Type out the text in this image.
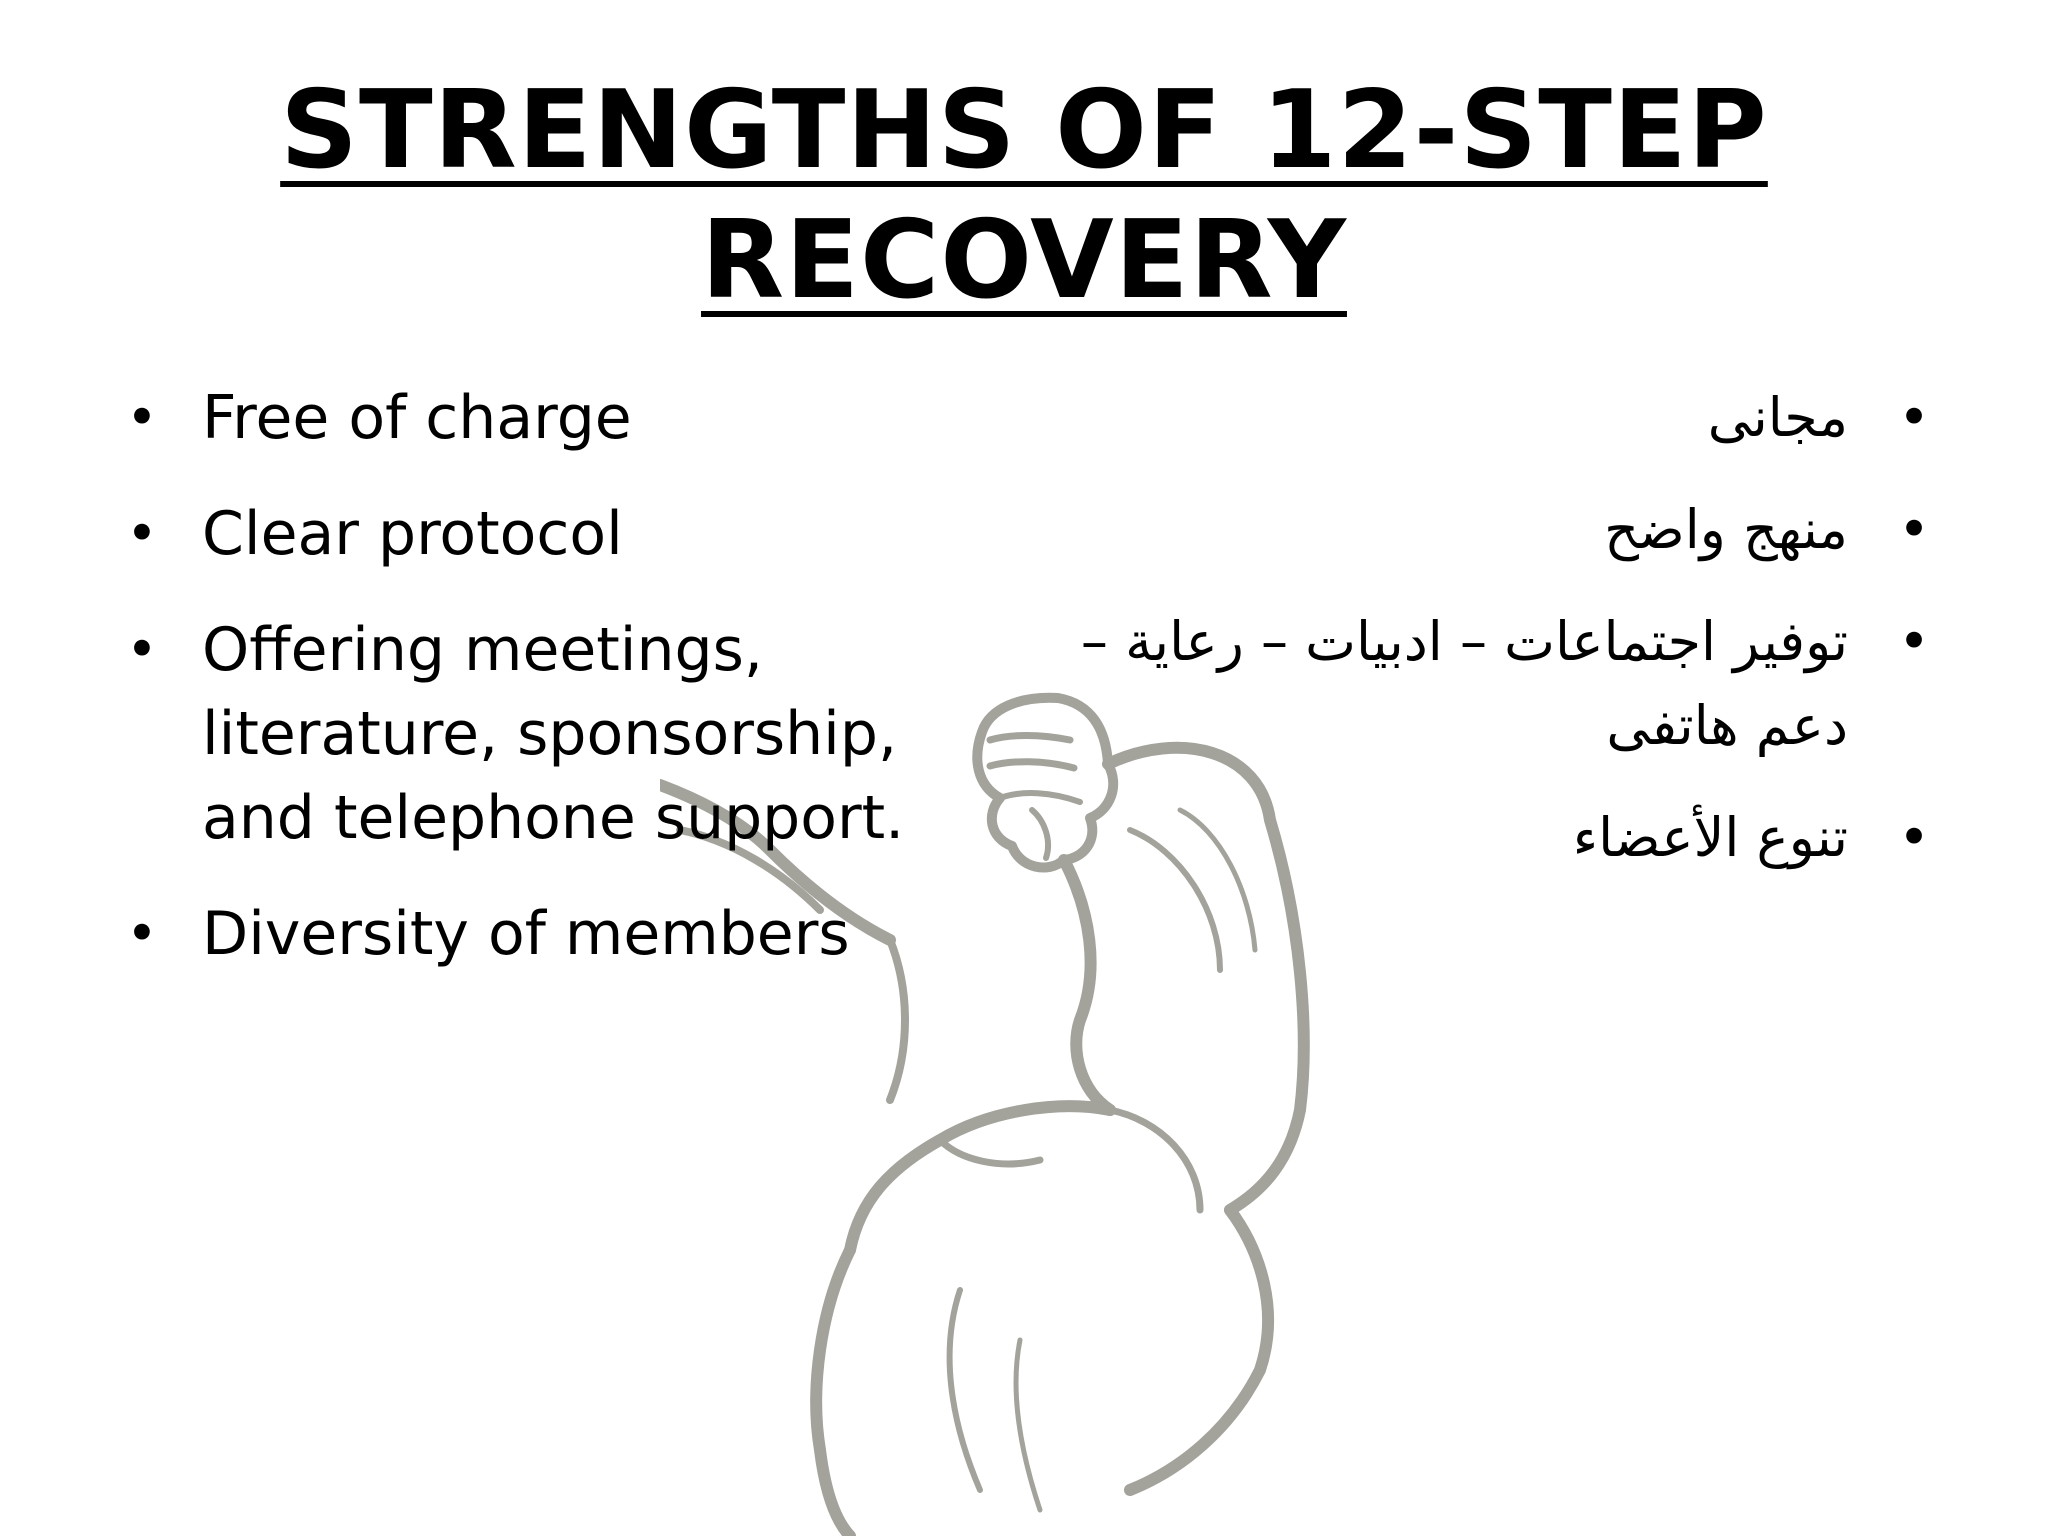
STRENGTHS OF 12-STEP RECOVERY
• Free of charge
• Clear protocol
• Offering meetings, literature, sponsorship, and telephone support.
• Diversity of members
•
مجانى
•
منهج واضح
•
توفير اجتماعات – ادبيات – رعاية – دعم هاتفى
•
تنوع الأعضاء
